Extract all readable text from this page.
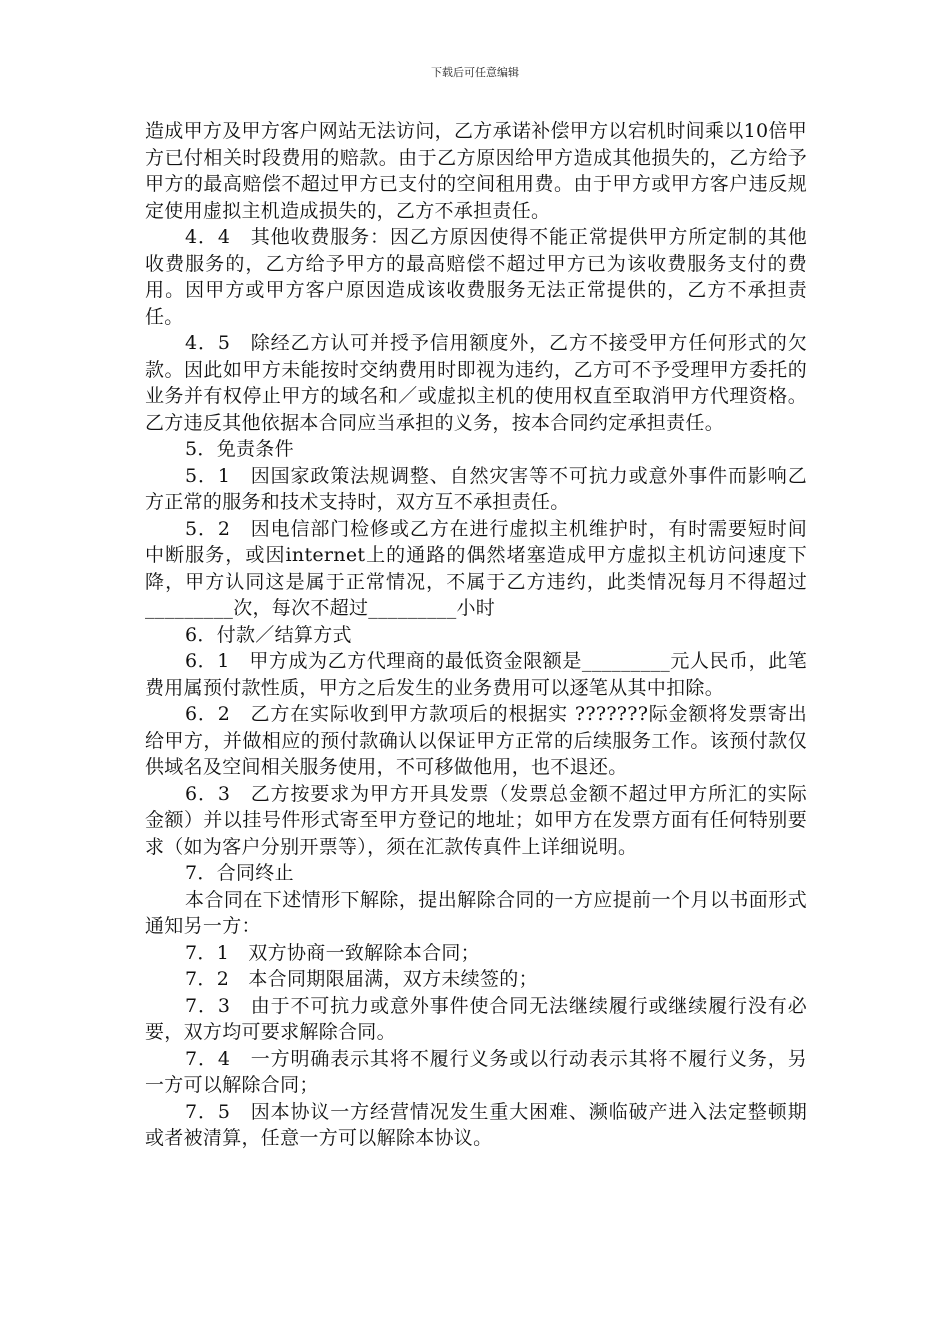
下载后可任意编辑

造成甲方及甲方客户网站无法访问，乙方承诺补偿甲方以宕机时间乘以10倍甲方已付相关时段费用的赔款。由于乙方原因给甲方造成其他损失的，乙方给予甲方的最高赔偿不超过甲方已支付的空间租用费。由于甲方或甲方客户违反规定使用虚拟主机造成损失的，乙方不承担责任。

4．4　其他收费服务：因乙方原因使得不能正常提供甲方所定制的其他收费服务的，乙方给予甲方的最高赔偿不超过甲方已为该收费服务支付的费用。因甲方或甲方客户原因造成该收费服务无法正常提供的，乙方不承担责任。

4．5　除经乙方认可并授予信用额度外，乙方不接受甲方任何形式的欠款。因此如甲方未能按时交纳费用时即视为违约，乙方可不予受理甲方委托的业务并有权停止甲方的域名和／或虚拟主机的使用权直至取消甲方代理资格。乙方违反其他依据本合同应当承担的义务，按本合同约定承担责任。

5．免责条件

5．1　因国家政策法规调整、自然灾害等不可抗力或意外事件而影响乙方正常的服务和技术支持时，双方互不承担责任。

5．2　因电信部门检修或乙方在进行虚拟主机维护时，有时需要短时间中断服务，或因internet上的通路的偶然堵塞造成甲方虚拟主机访问速度下降，甲方认同这是属于正常情况，不属于乙方违约，此类情况每月不得超过_________次，每次不超过_________小时

6．付款／结算方式

6．1　甲方成为乙方代理商的最低资金限额是_________元人民币，此笔费用属预付款性质，甲方之后发生的业务费用可以逐笔从其中扣除。

6．2　乙方在实际收到甲方款项后的根据实 ???????际金额将发票寄出给甲方，并做相应的预付款确认以保证甲方正常的后续服务工作。该预付款仅供域名及空间相关服务使用，不可移做他用，也不退还。

6．3　乙方按要求为甲方开具发票（发票总金额不超过甲方所汇的实际金额）并以挂号件形式寄至甲方登记的地址；如甲方在发票方面有任何特别要求（如为客户分别开票等），须在汇款传真件上详细说明。

7．合同终止

本合同在下述情形下解除，提出解除合同的一方应提前一个月以书面形式通知另一方：

7．1　双方协商一致解除本合同；

7．2　本合同期限届满，双方未续签的；

7．3　由于不可抗力或意外事件使合同无法继续履行或继续履行没有必要，双方均可要求解除合同。

7．4　一方明确表示其将不履行义务或以行动表示其将不履行义务，另一方可以解除合同；

7．5　因本协议一方经营情况发生重大困难、濒临破产进入法定整顿期或者被清算，任意一方可以解除本协议。
